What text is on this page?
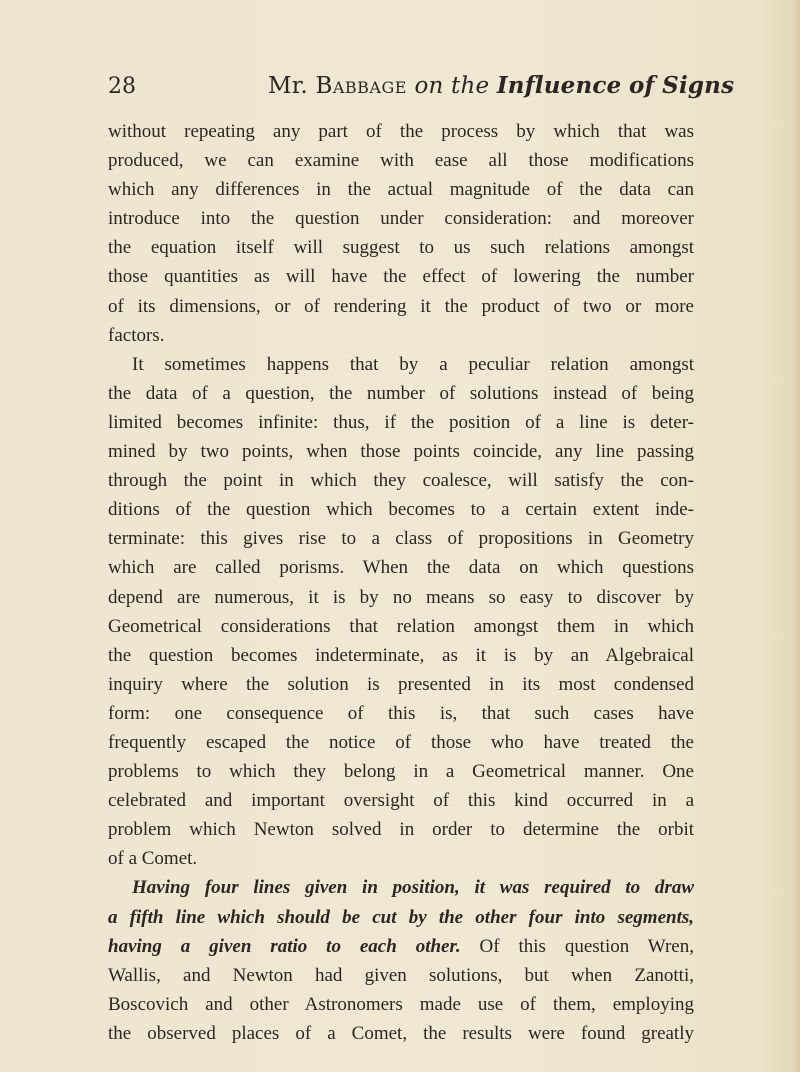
28	Mr. Babbage on the Influence of Signs
without repeating any part of the process by which that was
produced, we can examine with ease all those modifications
which any differences in the actual magnitude of the data can
introduce into the question under consideration: and moreover
the equation itself will suggest to us such relations amongst
those quantities as will have the effect of lowering the number
of its dimensions, or of rendering it the product of two or more
factors.
It sometimes happens that by a peculiar relation amongst
the data of a question, the number of solutions instead of being
limited becomes infinite: thus, if the position of a line is deter-
mined by two points, when those points coincide, any line passing
through the point in which they coalesce, will satisfy the con-
ditions of the question which becomes to a certain extent inde-
terminate: this gives rise to a class of propositions in Geometry
which are called porisms. When the data on which questions
depend are numerous, it is by no means so easy to discover by
Geometrical considerations that relation amongst them in which
the question becomes indeterminate, as it is by an Algebraical
inquiry where the solution is presented in its most condensed
form: one consequence of this is, that such cases have
frequently escaped the notice of those who have treated the
problems to which they belong in a Geometrical manner. One
celebrated and important oversight of this kind occurred in a
problem which Newton solved in order to determine the orbit
of a Comet.
Having four lines given in position, it was required to draw
a fifth line which should be cut by the other four into segments,
having a given ratio to each other. Of this question Wren,
Wallis, and Newton had given solutions, but when Zanotti,
Boscovich and other Astronomers made use of them, employing
the observed places of a Comet, the results were found greatly
